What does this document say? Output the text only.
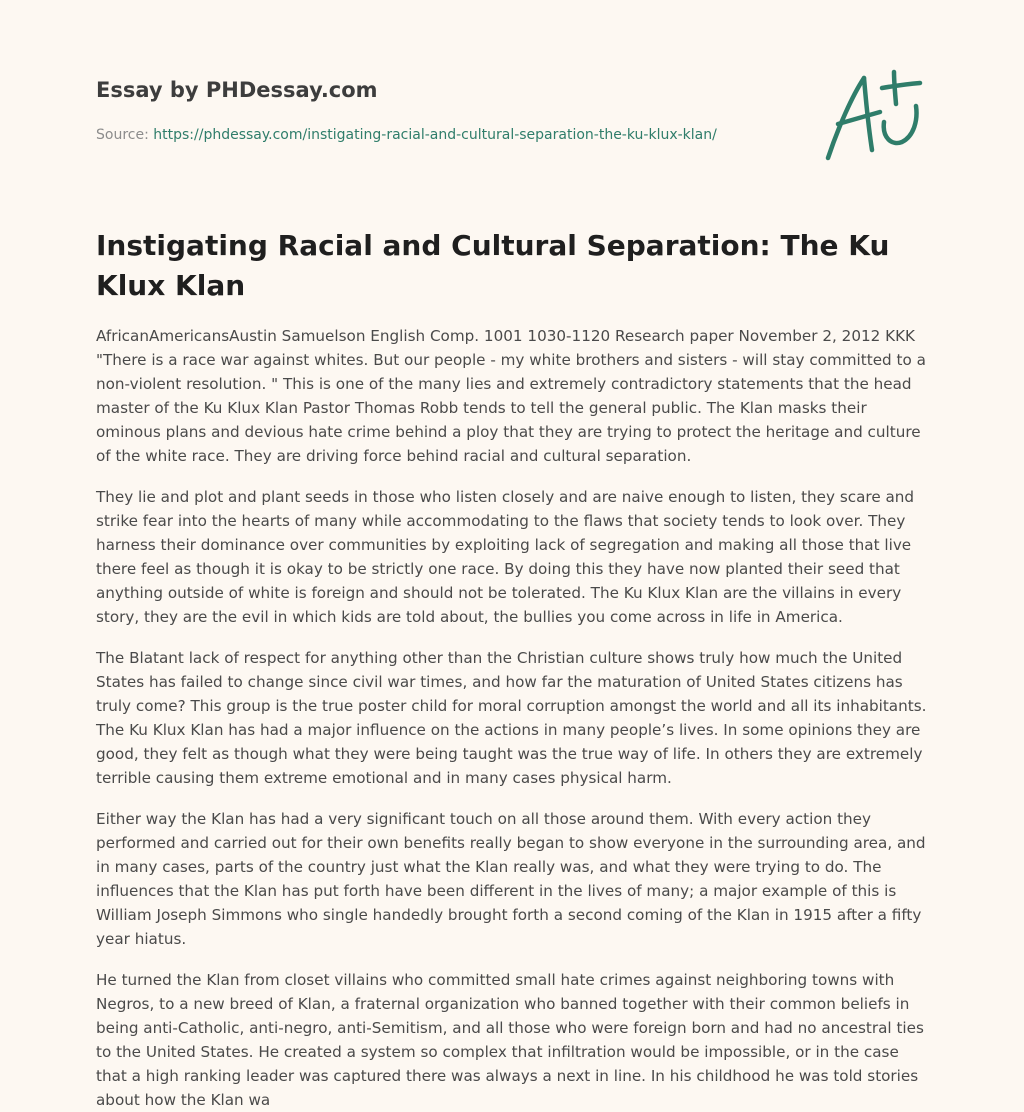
Essay by PHDessay.com
Source: https://phdessay.com/instigating-racial-and-cultural-separation-the-ku-klux-klan/
Instigating Racial and Cultural Separation: The Ku Klux Klan

AfricanAmericansAustin Samuelson English Comp. 1001 1030-1120 Research paper November 2, 2012 KKK "There is a race war against whites. But our people - my white brothers and sisters - will stay committed to a non-violent resolution. " This is one of the many lies and extremely contradictory statements that the head master of the Ku Klux Klan Pastor Thomas Robb tends to tell the general public. The Klan masks their ominous plans and devious hate crime behind a ploy that they are trying to protect the heritage and culture of the white race. They are driving force behind racial and cultural separation.

They lie and plot and plant seeds in those who listen closely and are naive enough to listen, they scare and strike fear into the hearts of many while accommodating to the flaws that society tends to look over. They harness their dominance over communities by exploiting lack of segregation and making all those that live there feel as though it is okay to be strictly one race. By doing this they have now planted their seed that anything outside of white is foreign and should not be tolerated. The Ku Klux Klan are the villains in every story, they are the evil in which kids are told about, the bullies you come across in life in America.

The Blatant lack of respect for anything other than the Christian culture shows truly how much the United States has failed to change since civil war times, and how far the maturation of United States citizens has truly come? This group is the true poster child for moral corruption amongst the world and all its inhabitants. The Ku Klux Klan has had a major influence on the actions in many people’s lives. In some opinions they are good, they felt as though what they were being taught was the true way of life. In others they are extremely terrible causing them extreme emotional and in many cases physical harm.

Either way the Klan has had a very significant touch on all those around them. With every action they performed and carried out for their own benefits really began to show everyone in the surrounding area, and in many cases, parts of the country just what the Klan really was, and what they were trying to do. The influences that the Klan has put forth have been different in the lives of many; a major example of this is William Joseph Simmons who single handedly brought forth a second coming of the Klan in 1915 after a fifty year hiatus.

He turned the Klan from closet villains who committed small hate crimes against neighboring towns with Negros, to a new breed of Klan, a fraternal organization who banned together with their common beliefs in being anti-Catholic, anti-negro, anti-Semitism, and all those who were foreign born and had no ancestral ties to the United States. He created a system so complex that infiltration would be impossible, or in the case that a high ranking leader was captured there was always a next in line. In his childhood he was told stories about how the Klan wa
